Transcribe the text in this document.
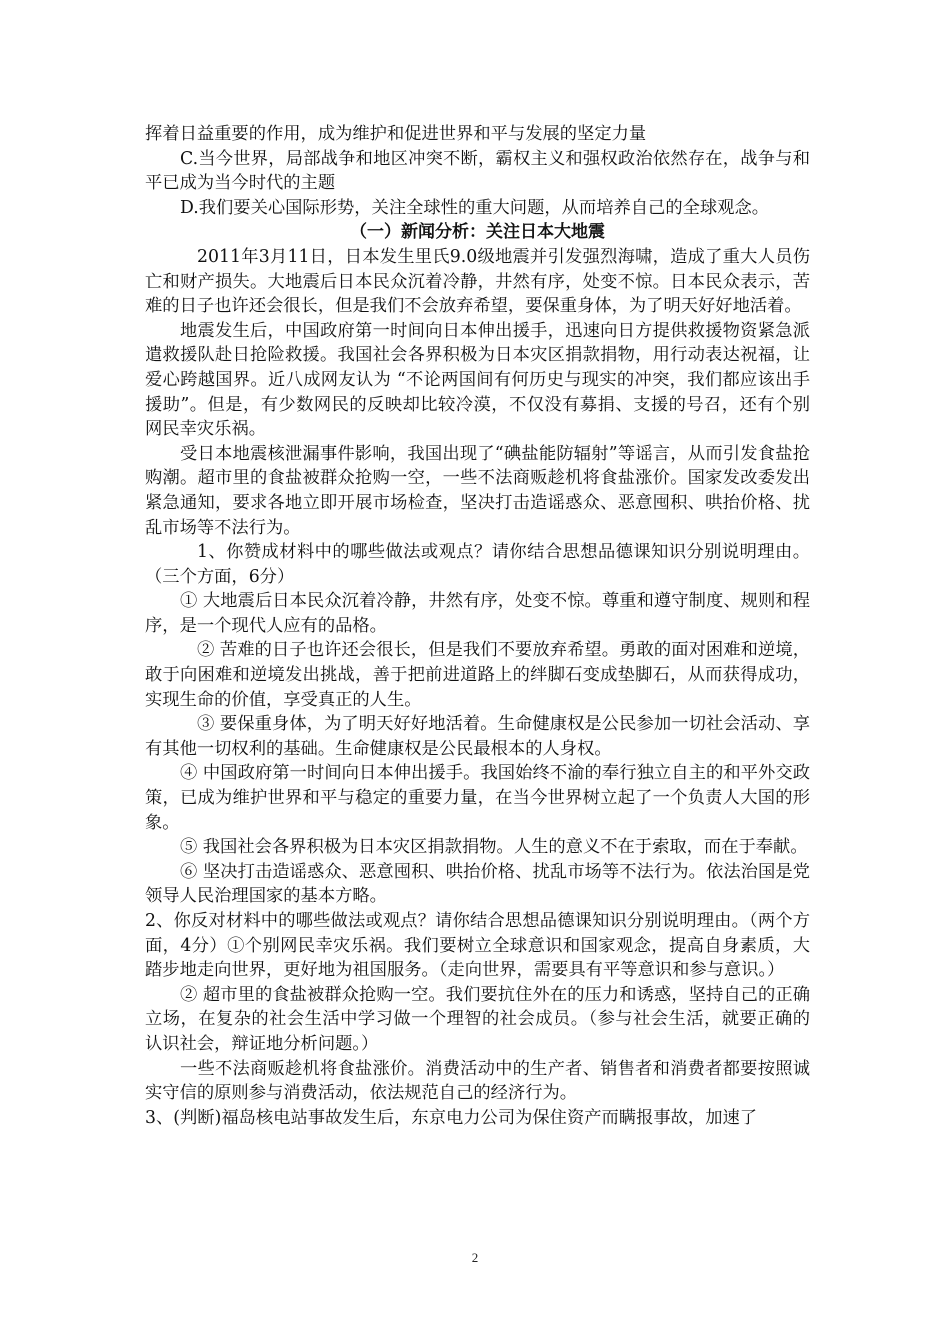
挥着日益重要的作用，成为维护和促进世界和平与发展的坚定力量

C.当今世界，局部战争和地区冲突不断，霸权主义和强权政治依然存在，战争与和平已成为当今时代的主题

D.我们要关心国际形势，关注全球性的重大问题，从而培养自己的全球观念。

（一）新闻分析：关注日本大地震

2011年3月11日，日本发生里氏9.0级地震并引发强烈海啸，造成了重大人员伤亡和财产损失。大地震后日本民众沉着冷静，井然有序，处变不惊。日本民众表示，苦难的日子也许还会很长，但是我们不会放弃希望，要保重身体，为了明天好好地活着。

地震发生后，中国政府第一时间向日本伸出援手，迅速向日方提供救援物资紧急派遣救援队赴日抢险救援。我国社会各界积极为日本灾区捐款捐物，用行动表达祝福，让爱心跨越国界。近八成网友认为 “不论两国间有何历史与现实的冲突，我们都应该出手援助”。但是，有少数网民的反映却比较冷漠，不仅没有募捐、支援的号召，还有个别网民幸灾乐祸。

受日本地震核泄漏事件影响，我国出现了“碘盐能防辐射”等谣言，从而引发食盐抢购潮。超市里的食盐被群众抢购一空，一些不法商贩趁机将食盐涨价。国家发改委发出紧急通知，要求各地立即开展市场检查，坚决打击造谣惑众、恶意囤积、哄抬价格、扰乱市场等不法行为。

1、你赞成材料中的哪些做法或观点？请你结合思想品德课知识分别说明理由。（三个方面，6分）

① 大地震后日本民众沉着冷静，井然有序，处变不惊。尊重和遵守制度、规则和程序，是一个现代人应有的品格。

② 苦难的日子也许还会很长，但是我们不要放弃希望。勇敢的面对困难和逆境，敢于向困难和逆境发出挑战，善于把前进道路上的绊脚石变成垫脚石，从而获得成功，实现生命的价值，享受真正的人生。

③ 要保重身体，为了明天好好地活着。生命健康权是公民参加一切社会活动、享有其他一切权利的基础。生命健康权是公民最根本的人身权。

④ 中国政府第一时间向日本伸出援手。我国始终不渝的奉行独立自主的和平外交政策，已成为维护世界和平与稳定的重要力量，在当今世界树立起了一个负责人大国的形象。

⑤ 我国社会各界积极为日本灾区捐款捐物。人生的意义不在于索取，而在于奉献。

⑥ 坚决打击造谣惑众、恶意囤积、哄抬价格、扰乱市场等不法行为。依法治国是党领导人民治理国家的基本方略。

2、你反对材料中的哪些做法或观点？请你结合思想品德课知识分别说明理由。（两个方面，4分）①个别网民幸灾乐祸。我们要树立全球意识和国家观念，提高自身素质，大踏步地走向世界，更好地为祖国服务。（走向世界，需要具有平等意识和参与意识。）

② 超市里的食盐被群众抢购一空。我们要抗住外在的压力和诱惑，坚持自己的正确立场，在复杂的社会生活中学习做一个理智的社会成员。（参与社会生活，就要正确的认识社会，辩证地分析问题。）

一些不法商贩趁机将食盐涨价。消费活动中的生产者、销售者和消费者都要按照诚实守信的原则参与消费活动，依法规范自己的经济行为。

3、(判断)福岛核电站事故发生后，东京电力公司为保住资产而瞒报事故，加速了

2
